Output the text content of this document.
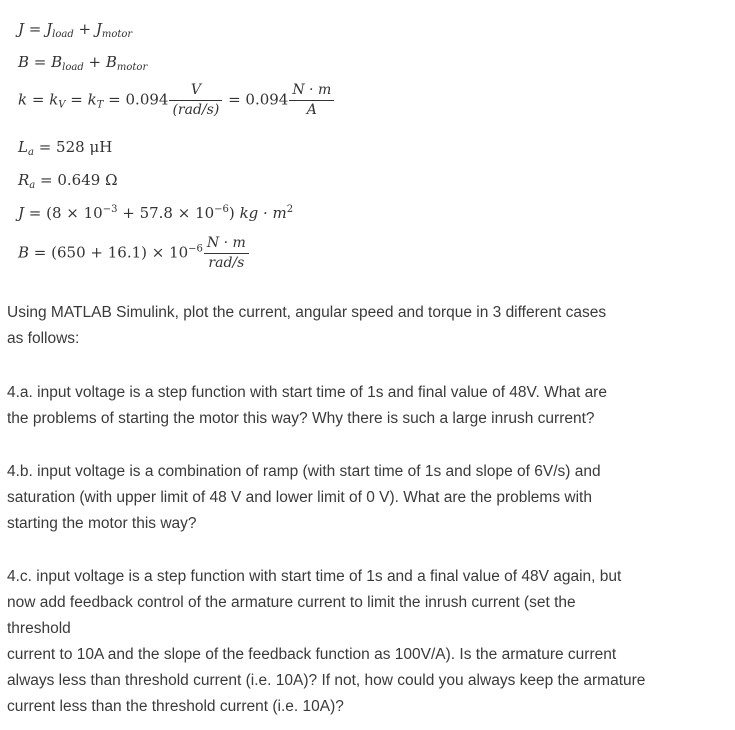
$J = J_{load} + J_{motor}$
$B = B_{load} + B_{motor}$
$k = k_V = k_T = 0.094 \frac{V}{\text{(rad/s)}} = 0.094 \frac{N \cdot m}{A}$
$L_a = 528$ μH
$R_a = 0.649$ Ω
$J = (8 \times 10^{-3} + 57.8 \times 10^{-6})$ kg · $m^2$
$B = (650 + 16.1) \times 10^{-6} \frac{N \cdot m}{\text{rad/s}}$
Using MATLAB Simulink, plot the current, angular speed and torque in 3 different cases
as follows:
4.a. input voltage is a step function with start time of 1s and final value of 48V. What are
the problems of starting the motor this way? Why there is such a large inrush current?
4.b. input voltage is a combination of ramp (with start time of 1s and slope of 6V/s) and
saturation (with upper limit of 48 V and lower limit of 0 V). What are the problems with
starting the motor this way?
4.c. input voltage is a step function with start time of 1s and a final value of 48V again, but
now add feedback control of the armature current to limit the inrush current (set the
threshold
current to 10A and the slope of the feedback function as 100V/A). Is the armature current
always less than threshold current (i.e. 10A)? If not, how could you always keep the armature
current less than the threshold current (i.e. 10A)?
